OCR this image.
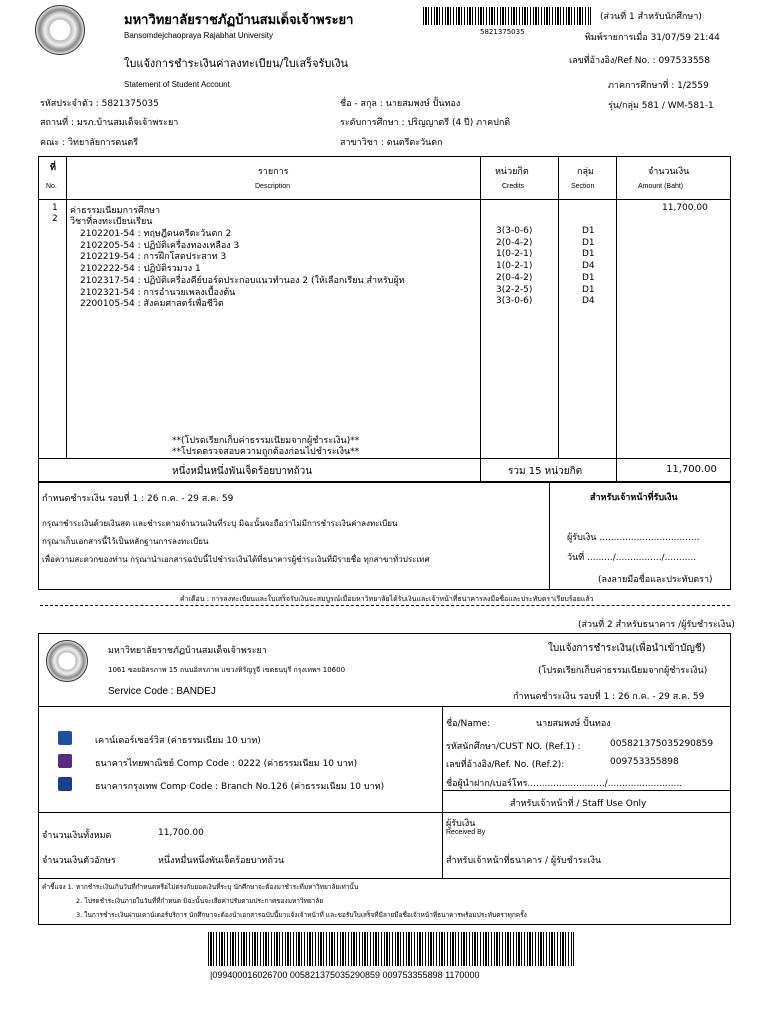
มหาวิทยาลัยราชภัฏบ้านสมเด็จเจ้าพระยา
Bansomdejchaopraya Rajabhat University	5821375035
(ส่วนที่ 1 สำหรับนักศึกษา)
พิมพ์รายการเมื่อ 31/07/59 21:44
เลขที่อ้างอิง/Ref No. : 097533558
ใบแจ้งการชำระเงินค่าลงทะเบียน/ใบเสร็จรับเงิน
Statement of Student Account	ภาคการศึกษาที่ : 1/2559
รุ่น/กลุ่ม 581 / WM-581-1
รหัสประจำตัว : 5821375035	ชื่อ - สกุล : นายสมพงษ์ ปั้นทอง
สถานที่ : มรภ.บ้านสมเด็จเจ้าพระยา	ระดับการศึกษา : ปริญญาตรี (4 ปี) ภาคปกติ
คณะ : วิทยาลัยการดนตรี	สาขาวิชา : ดนตรีตะวันตก
ที่
No.
รายการ
Description
หน่วยกิต
Credits
กลุ่ม
Section
จำนวนเงิน
Amount (Baht)
1 ค่าธรรมเนียมการศึกษา	11,700.00
2 วิชาที่ลงทะเบียนเรียน
2102201-54 : ทฤษฎีดนตรีตะวันตก 2	3(3-0-6)	D1
2102205-54 : ปฏิบัติเครื่องทองเหลือง 3	2(0-4-2)	D1
2102219-54 : การฝึกโสตประสาท 3	1(0-2-1)	D1
2102222-54 : ปฏิบัติรวมวง 1	1(0-2-1)	D4
2102317-54 : ปฏิบัติเครื่องคีย์บอร์ดประกอบแนวทำนอง 2 (ให้เลือกเรียน สำหรับผู้ท	2(0-4-2)	D1
2102321-54 : การอำนวยเพลงเบื้องต้น	3(2-2-5)	D1
2200105-54 : สังคมศาสตร์เพื่อชีวิต	3(3-0-6)	D4
**(โปรดเรียกเก็บค่าธรรมเนียมจากผู้ชำระเงิน)**
**โปรดตรวจสอบความถูกต้องก่อนไปชำระเงิน**
หนึ่งหมื่นหนึ่งพันเจ็ดร้อยบาทถ้วน	รวม 15 หน่วยกิต	11,700.00
กำหนดชำระเงิน รอบที่ 1 : 26 ก.ค. - 29 ส.ค. 59
กรุณาชำระเงินด้วยเงินสด และชำระตามจำนวนเงินที่ระบุ มิฉะนั้นจะถือว่าไม่มีการชำระเงินค่าลงทะเบียน
กรุณาเก็บเอกสารนี้ไว้เป็นหลักฐานการลงทะเบียน
เพื่อความสะดวกของท่าน กรุณานำเอกสารฉบับนี้ไปชำระเงินได้ที่ธนาคารผู้ชำระเงินที่มีรายชื่อ ทุกสาขาทั่วประเทศ
สำหรับเจ้าหน้าที่รับเงิน
ผู้รับเงิน ...................................
วันที่ ........./................/...........
(ลงลายมือชื่อและประทับตรา)
คำเตือน : การลงทะเบียนและใบเสร็จรับเงินจะสมบูรณ์เมื่อมหาวิทยาลัยได้รับเงินและเจ้าหน้าที่ธนาคารลงมือชื่อและประทับตราเรียบร้อยแล้ว
(ส่วนที่ 2 สำหรับธนาคาร /ผู้รับชำระเงิน)
มหาวิทยาลัยราชภัฏบ้านสมเด็จเจ้าพระยา
1061 ซอยอิสรภาพ 15 ถนนอิสรภาพ แขวงหิรัญรูจี เขตธนบุรี กรุงเทพฯ 10600
Service Code : BANDEJ
ใบแจ้งการชำระเงิน(เพื่อนำเข้าบัญชี)
(โปรดเรียกเก็บค่าธรรมเนียมจากผู้ชำระเงิน)
กำหนดชำระเงิน รอบที่ 1 : 26 ก.ค. - 29 ส.ค. 59
เคาน์เตอร์เซอร์วิส (ค่าธรรมเนียม 10 บาท)
ธนาคารไทยพาณิชย์ Comp Code : 0222 (ค่าธรรมเนียม 10 บาท)
ธนาคารกรุงเทพ Comp Code : Branch No.126 (ค่าธรรมเนียม 10 บาท)
ชื่อ/Name:	นายสมพงษ์ ปั้นทอง
รหัสนักศึกษา/CUST NO. (Ref.1) :	005821375035290859
เลขที่อ้างอิง/Ref. No. (Ref.2):	009753355898
ชื่อผู้นำฝาก/เบอร์โทร.........................../..........................
สำหรับเจ้าหน้าที่ / Staff Use Only
ผู้รับเงิน
Received By
สำหรับเจ้าหน้าที่ธนาคาร / ผู้รับชำระเงิน
จำนวนเงินทั้งหมด	11,700.00
จำนวนเงินตัวอักษร	หนึ่งหมื่นหนึ่งพันเจ็ดร้อยบาทถ้วน
คำชี้แจง 1. หากชำระเงินเกินวันที่กำหนดหรือไม่ตรงกับยอดเงินที่ระบุ นักศึกษาจะต้องมาชำระที่มหาวิทยาลัยเท่านั้น
2. โปรดชำระเงินภายในวันที่ที่กำหนด มิฉะนั้นจะเสียค่าปรับตามประกาศของมหาวิทยาลัย
3. ในการชำระเงินผ่านเคาน์เตอร์บริการ นักศึกษาจะต้องนำเอกสารฉบับนี้มาแจ้งเจ้าหน้าที่ และขอรับใบเสร็จที่มีลายมือชื่อเจ้าหน้าที่ธนาคารพร้อมประทับตราทุกครั้ง
|099400016026700 005821375035290859 009753355898 1170000
